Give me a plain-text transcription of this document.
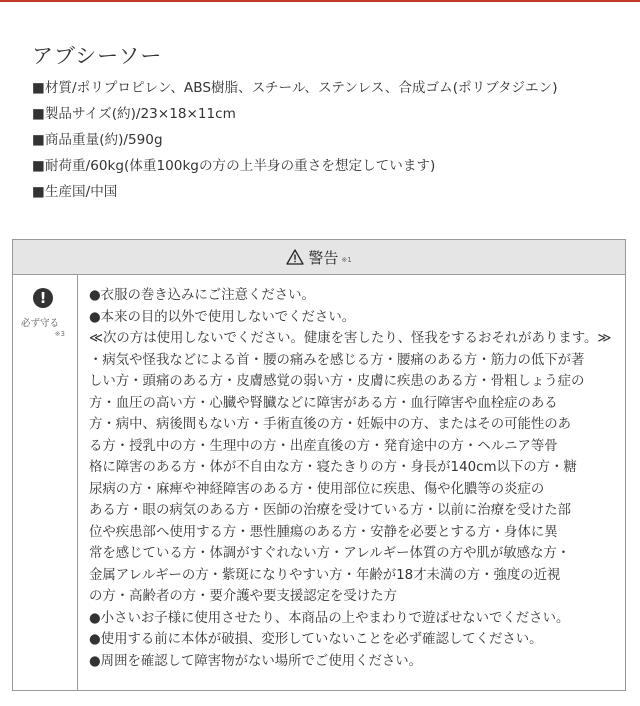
アブシーソー
■材質/ポリプロピレン、ABS樹脂、スチール、ステンレス、合成ゴム(ポリブタジエン)
■製品サイズ(約)/23×18×11cm
■商品重量(約)/590g
■耐荷重/60kg(体重100kgの方の上半身の重さを想定しています)
■生産国/中国
警告 ※1
!
必ず守る
※3

●衣服の巻き込みにご注意ください。

●本来の目的以外で使用しないでください。

≪次の方は使用しないでください。健康を害したり、怪我をするおそれがあります。≫

・病気や怪我などによる首・腰の痛みを感じる方・腰痛のある方・筋力の低下が著

しい方・頭痛のある方・皮膚感覚の弱い方・皮膚に疾患のある方・骨粗しょう症の

方・血圧の高い方・心臓や腎臓などに障害がある方・血行障害や血栓症のある

方・病中、病後間もない方・手術直後の方・妊娠中の方、またはその可能性のあ

る方・授乳中の方・生理中の方・出産直後の方・発育途中の方・ヘルニア等骨

格に障害のある方・体が不自由な方・寝たきりの方・身長が140cm以下の方・糖

尿病の方・麻痺や神経障害のある方・使用部位に疾患、傷や化膿等の炎症の

ある方・眼の病気のある方・医師の治療を受けている方・以前に治療を受けた部

位や疾患部へ使用する方・悪性腫瘍のある方・安静を必要とする方・身体に異

常を感じている方・体調がすぐれない方・アレルギー体質の方や肌が敏感な方・

金属アレルギーの方・紫斑になりやすい方・年齢が18才未満の方・強度の近視

の方・高齢者の方・要介護や要支援認定を受けた方

●小さいお子様に使用させたり、本商品の上やまわりで遊ばせないでください。

●使用する前に本体が破損、変形していないことを必ず確認してください。

●周囲を確認して障害物がない場所でご使用ください。
